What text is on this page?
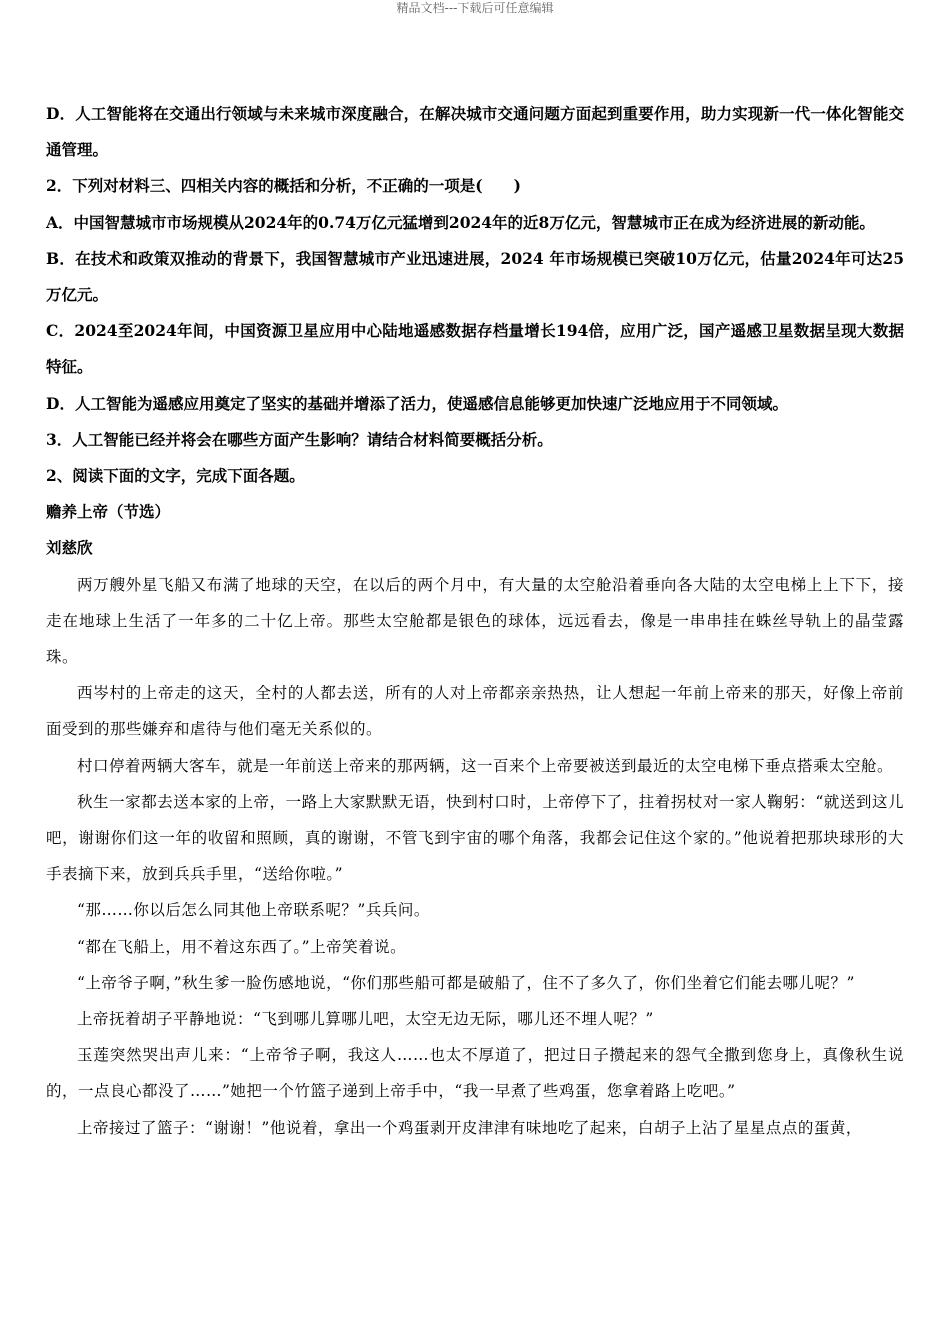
精品文档---下载后可任意编辑

D．人工智能将在交通出行领域与未来城市深度融合，在解决城市交通问题方面起到重要作用，助力实现新一代一体化智能交通管理。

2．下列对材料三、四相关内容的概括和分析，不正确的一项是(　　)

A．中国智慧城市市场规模从2024年的0.74万亿元猛增到2024年的近8万亿元，智慧城市正在成为经济进展的新动能。

B．在技术和政策双推动的背景下，我国智慧城市产业迅速进展，2024 年市场规模已突破10万亿元，估量2024年可达25万亿元。

C．2024至2024年间，中国资源卫星应用中心陆地遥感数据存档量增长194倍，应用广泛，国产遥感卫星数据呈现大数据特征。

D．人工智能为遥感应用奠定了坚实的基础并增添了活力，使遥感信息能够更加快速广泛地应用于不同领域。

3．人工智能已经并将会在哪些方面产生影响？请结合材料简要概括分析。

2、阅读下面的文字，完成下面各题。

赡养上帝（节选）

刘慈欣

两万艘外星飞船又布满了地球的天空，在以后的两个月中，有大量的太空舱沿着垂向各大陆的太空电梯上上下下，接走在地球上生活了一年多的二十亿上帝。那些太空舱都是银色的球体，远远看去，像是一串串挂在蛛丝导轨上的晶莹露珠。

西岑村的上帝走的这天，全村的人都去送，所有的人对上帝都亲亲热热，让人想起一年前上帝来的那天，好像上帝前面受到的那些嫌弃和虐待与他们毫无关系似的。

村口停着两辆大客车，就是一年前送上帝来的那两辆，这一百来个上帝要被送到最近的太空电梯下垂点搭乘太空舱。

秋生一家都去送本家的上帝，一路上大家默默无语，快到村口时，上帝停下了，拄着拐杖对一家人鞠躬：“就送到这儿吧，谢谢你们这一年的收留和照顾，真的谢谢，不管飞到宇宙的哪个角落，我都会记住这个家的。”他说着把那块球形的大手表摘下来，放到兵兵手里，“送给你啦。”

“那……你以后怎么同其他上帝联系呢？”兵兵问。

“都在飞船上，用不着这东西了。”上帝笑着说。

“上帝爷子啊，”秋生爹一脸伤感地说，“你们那些船可都是破船了，住不了多久了，你们坐着它们能去哪儿呢？”

上帝抚着胡子平静地说：“飞到哪儿算哪儿吧，太空无边无际，哪儿还不埋人呢？”

玉莲突然哭出声儿来：“上帝爷子啊，我这人……也太不厚道了，把过日子攒起来的怨气全撒到您身上，真像秋生说的，一点良心都没了……”她把一个竹篮子递到上帝手中，“我一早煮了些鸡蛋，您拿着路上吃吧。”

上帝接过了篮子：“谢谢！”他说着，拿出一个鸡蛋剥开皮津津有味地吃了起来，白胡子上沾了星星点点的蛋黄，
